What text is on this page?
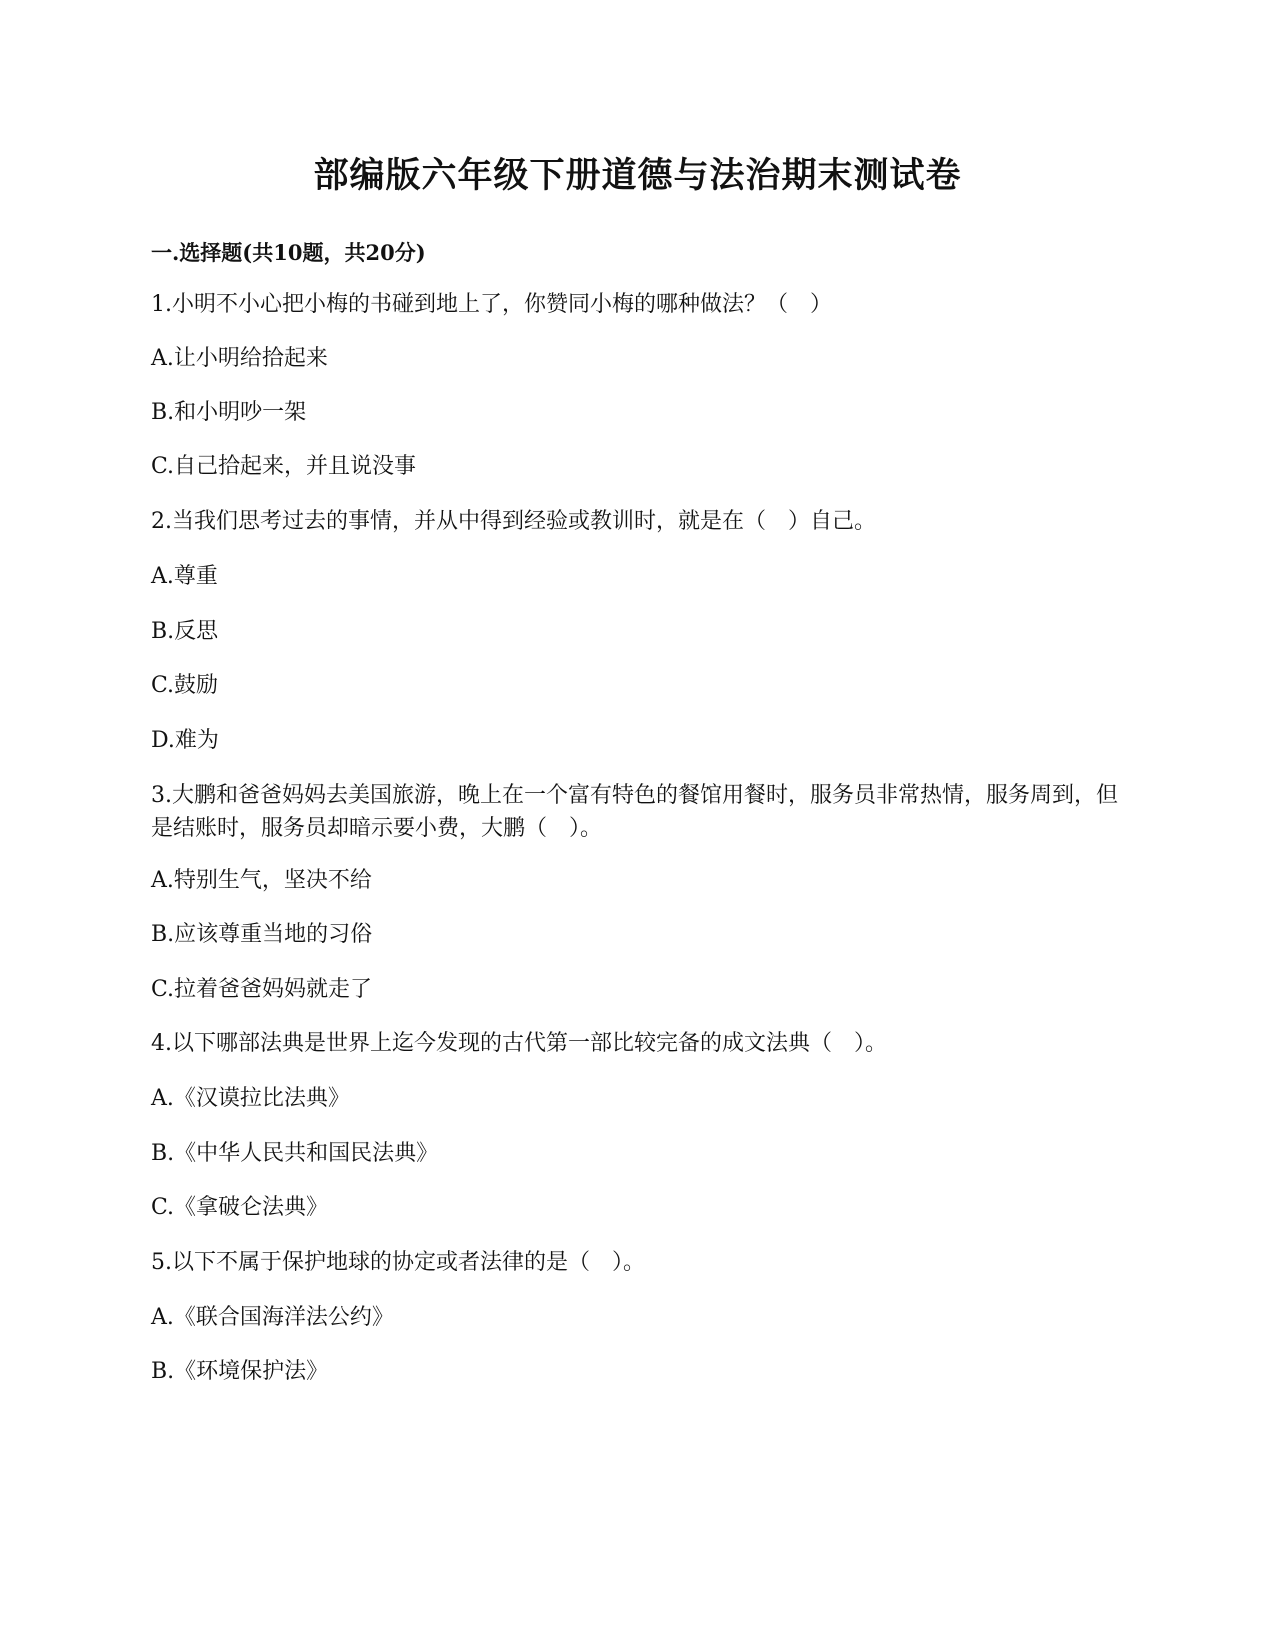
部编版六年级下册道德与法治期末测试卷
一.选择题(共10题，共20分)

1.小明不小心把小梅的书碰到地上了，你赞同小梅的哪种做法？（　）

A.让小明给拾起来

B.和小明吵一架

C.自己拾起来，并且说没事

2.当我们思考过去的事情，并从中得到经验或教训时，就是在（　）自己。

A.尊重

B.反思

C.鼓励

D.难为

3.大鹏和爸爸妈妈去美国旅游，晚上在一个富有特色的餐馆用餐时，服务员非常热情，服务周到，但是结账时，服务员却暗示要小费，大鹏（　）。

A.特别生气，坚决不给

B.应该尊重当地的习俗

C.拉着爸爸妈妈就走了

4.以下哪部法典是世界上迄今发现的古代第一部比较完备的成文法典（　）。

A.《汉谟拉比法典》

B.《中华人民共和国民法典》

C.《拿破仑法典》

5.以下不属于保护地球的协定或者法律的是（　）。

A.《联合国海洋法公约》

B.《环境保护法》
